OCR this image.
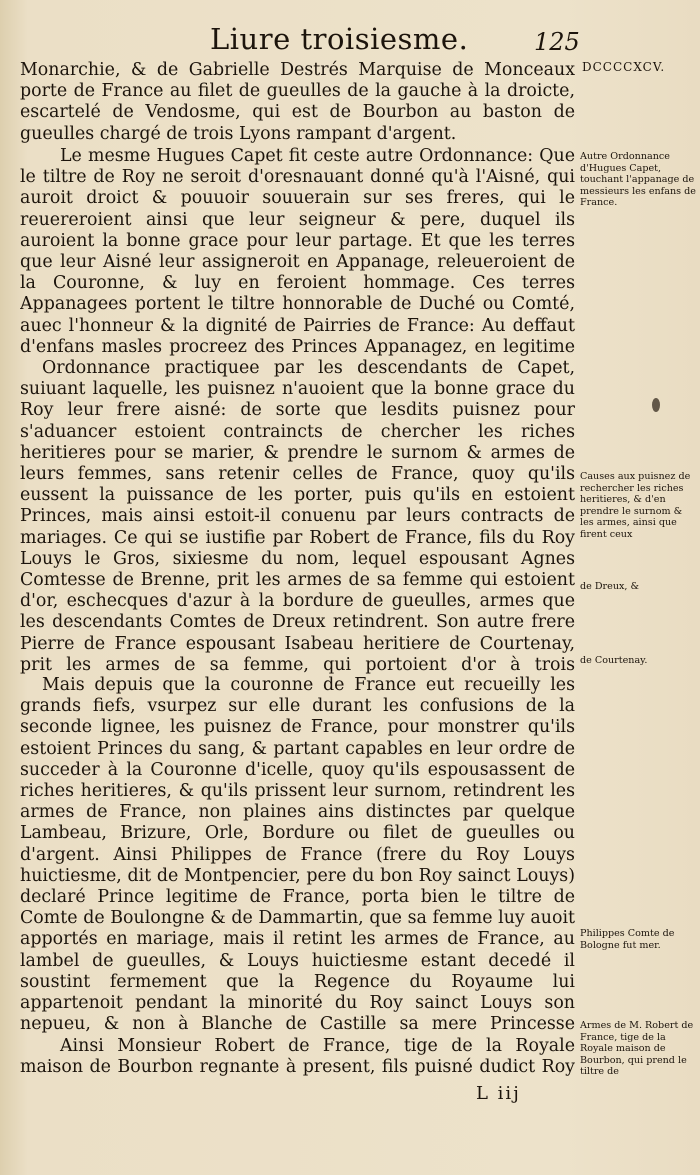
Liure troisiesme.	125
DCCCCXCV.

Monarchie, & de Gabrielle Destrés Marquise de Monceaux porte de France au filet de gueulles de la gauche à la droicte, escartelé de Vendosme, qui est de Bourbon au baston de gueulles chargé de trois Lyons rampant d'argent.

Le mesme Hugues Capet fit ceste autre Ordonnance: Que le tiltre de Roy ne seroit d'oresnauant donné qu'à l'Aisné, qui auroit droict & pouuoir souuerain sur ses freres, qui le reuereroient ainsi que leur seigneur & pere, duquel ils auroient la bonne grace pour leur partage. Et que les terres que leur Aisné leur assigneroit en Appanage, releueroient de la Couronne, & luy en feroient hommage. Ces terres Appanagees portent le tiltre honnorable de Duché ou Comté, auec l'honneur & la dignité de Pairries de France: Au deffaut d'enfans masles procreez des Princes Appanagez, en legitime

Ordonnance practiquee par les descendants de Capet, suiuant laquelle, les puisnez n'auoient que la bonne grace du Roy leur frere aisné: de sorte que lesdits puisnez pour s'aduancer estoient contraincts de chercher les riches heritieres pour se marier, & prendre le surnom & armes de leurs femmes, sans retenir celles de France, quoy qu'ils eussent la puissance de les porter, puis qu'ils en estoient Princes, mais ainsi estoit-il conuenu par leurs contracts de mariages. Ce qui se iustifie par Robert de France, fils du Roy Louys le Gros, sixiesme du nom, lequel espousant Agnes Comtesse de Brenne, prit les armes de sa femme qui estoient d'or, eschecques d'azur à la bordure de gueulles, armes que les descendants Comtes de Dreux retindrent. Son autre frere Pierre de France espousant Isabeau heritiere de Courtenay, prit les armes de sa femme, qui portoient d'or à trois

Mais depuis que la couronne de France eut recueilly les grands fiefs, vsurpez sur elle durant les confusions de la seconde lignee, les puisnez de France, pour monstrer qu'ils estoient Princes du sang, & partant capables en leur ordre de succeder à la Couronne d'icelle, quoy qu'ils espousassent de riches heritieres, & qu'ils prissent leur surnom, retindrent les armes de France, non plaines ains distinctes par quelque Lambeau, Brizure, Orle, Bordure ou filet de gueulles ou d'argent. Ainsi Philippes de France (frere du Roy Louys huictiesme, dit de Montpencier, pere du bon Roy sainct Louys) declaré Prince legitime de France, porta bien le tiltre de Comte de Boulongne & de Dammartin, que sa femme luy auoit apportés en mariage, mais il retint les armes de France, au lambel de gueulles, & Louys huictiesme estant decedé il soustint fermement que la Regence du Royaume lui appartenoit pendant la minorité du Roy sainct Louys son nepueu, & non à Blanche de Castille sa mere Princesse

Ainsi Monsieur Robert de France, tige de la Royale maison de Bourbon regnante à present, fils puisné dudict Roy

L iij
Autre Ordonnance d'Hugues Capet, touchant l'appanage de messieurs les enfans de France.
Causes aux puisnez de rechercher les riches heritieres, & d'en prendre le surnom & les armes, ainsi que firent ceux
de Dreux, &
de Courtenay.
Philippes Comte de Bologne fut mer.
Armes de M. Robert de France, tige de la Royale maison de Bourbon, qui prend le tiltre de
